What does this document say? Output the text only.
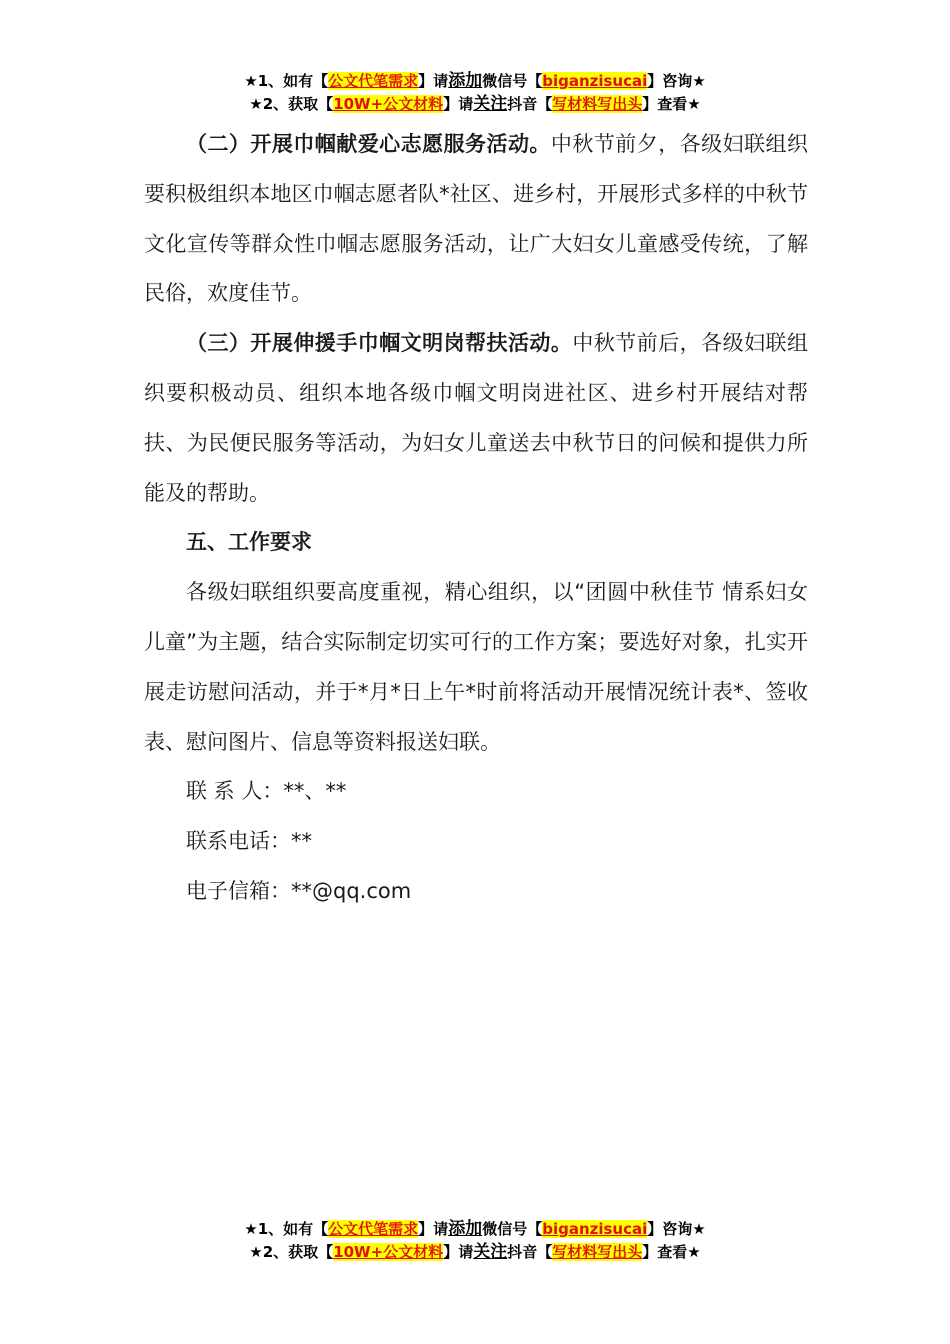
★1、如有【公文代笔需求】请添加微信号【biganzisucai】咨询★
★2、获取【10W+公文材料】请关注抖音【写材料写出头】查看★

（二）开展巾帼献爱心志愿服务活动。中秋节前夕，各级妇联组织要积极组织本地区巾帼志愿者队*社区、进乡村，开展形式多样的中秋节文化宣传等群众性巾帼志愿服务活动，让广大妇女儿童感受传统，了解民俗，欢度佳节。

（三）开展伸援手巾帼文明岗帮扶活动。中秋节前后，各级妇联组织要积极动员、组织本地各级巾帼文明岗进社区、进乡村开展结对帮扶、为民便民服务等活动，为妇女儿童送去中秋节日的问候和提供力所能及的帮助。

五、工作要求

各级妇联组织要高度重视，精心组织，以“团圆中秋佳节 情系妇女儿童”为主题，结合实际制定切实可行的工作方案；要选好对象，扎实开展走访慰问活动，并于*月*日上午*时前将活动开展情况统计表*、签收表、慰问图片、信息等资料报送妇联。

联 系 人：**、**

联系电话：**

电子信箱：**@qq.com

★1、如有【公文代笔需求】请添加微信号【biganzisucai】咨询★
★2、获取【10W+公文材料】请关注抖音【写材料写出头】查看★
